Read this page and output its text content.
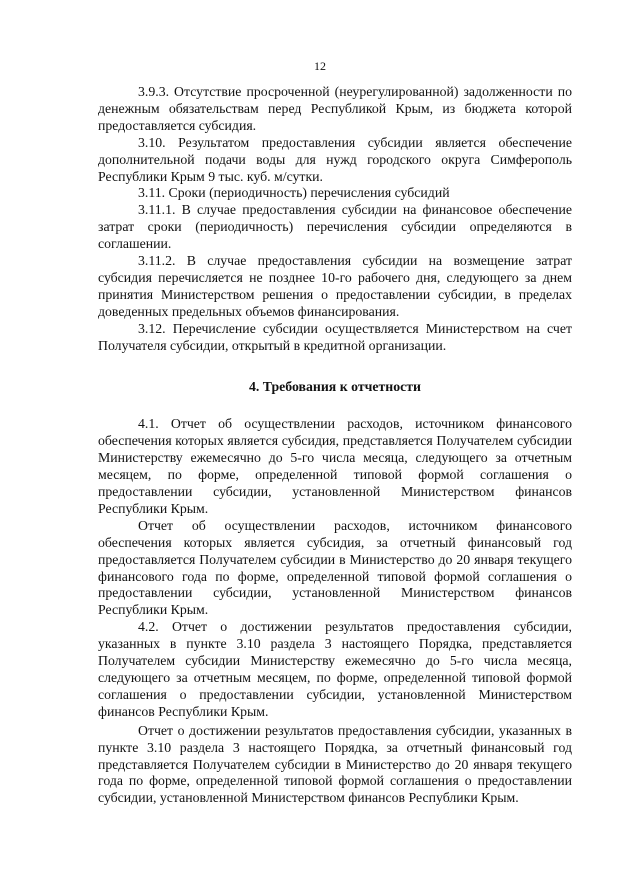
12

3.9.3. Отсутствие просроченной (неурегулированной) задолженности по денежным обязательствам перед Республикой Крым, из бюджета которой предоставляется субсидия.

3.10. Результатом предоставления субсидии является обеспечение дополнительной подачи воды для нужд городского округа Симферополь Республики Крым 9 тыс. куб. м/сутки.

3.11. Сроки (периодичность) перечисления субсидий

3.11.1. В случае предоставления субсидии на финансовое обеспечение затрат сроки (периодичность) перечисления субсидии определяются в соглашении.

3.11.2. В случае предоставления субсидии на возмещение затрат субсидия перечисляется не позднее 10-го рабочего дня, следующего за днем принятия Министерством решения о предоставлении субсидии, в пределах доведенных предельных объемов финансирования.

3.12. Перечисление субсидии осуществляется Министерством на счет Получателя субсидии, открытый в кредитной организации.

4. Требования к отчетности

4.1. Отчет об осуществлении расходов, источником финансового обеспечения которых является субсидия, представляется Получателем субсидии Министерству ежемесячно до 5-го числа месяца, следующего за отчетным месяцем, по форме, определенной типовой формой соглашения о предоставлении субсидии, установленной Министерством финансов Республики Крым.

Отчет об осуществлении расходов, источником финансового обеспечения которых является субсидия, за отчетный финансовый год предоставляется Получателем субсидии в Министерство до 20 января текущего финансового года по форме, определенной типовой формой соглашения о предоставлении субсидии, установленной Министерством финансов Республики Крым.

4.2. Отчет о достижении результатов предоставления субсидии, указанных в пункте 3.10 раздела 3 настоящего Порядка, представляется Получателем субсидии Министерству ежемесячно до 5-го числа месяца, следующего за отчетным месяцем, по форме, определенной типовой формой соглашения о предоставлении субсидии, установленной Министерством финансов Республики Крым.

Отчет о достижении результатов предоставления субсидии, указанных в пункте 3.10 раздела 3 настоящего Порядка, за отчетный финансовый год представляется Получателем субсидии в Министерство до 20 января текущего года по форме, определенной типовой формой соглашения о предоставлении субсидии, установленной Министерством финансов Республики Крым.
